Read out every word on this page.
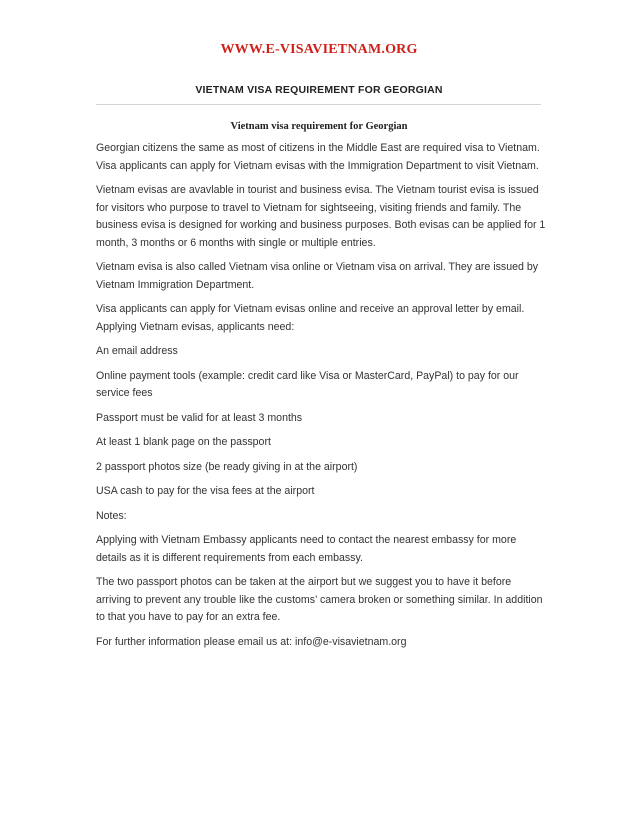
WWW.E-VISAVIETNAM.ORG
VIETNAM VISA REQUIREMENT FOR GEORGIAN
Vietnam visa requirement for Georgian

Georgian citizens the same as most of citizens in the Middle East are required visa to Vietnam. Visa applicants can apply for Vietnam evisas with the Immigration Department to visit Vietnam.

Vietnam evisas are avavlable in tourist and business evisa. The Vietnam tourist evisa is issued for visitors who purpose to travel to Vietnam for sightseeing, visiting friends and family. The business evisa is designed for working and business purposes. Both evisas can be applied for 1 month, 3 months or 6 months with single or multiple entries.

Vietnam evisa is also called Vietnam visa online or Vietnam visa on arrival. They are issued by Vietnam Immigration Department.

Visa applicants can apply for Vietnam evisas online and receive an approval letter by email. Applying Vietnam evisas, applicants need:

An email address

Online payment tools (example: credit card like Visa or MasterCard, PayPal) to pay for our service fees

Passport must be valid for at least 3 months

At least 1 blank page on the passport

2 passport photos size (be ready giving in at the airport)

USA cash to pay for the visa fees at the airport

Notes:

Applying with Vietnam Embassy applicants need to contact the nearest embassy for more details as it is different requirements from each embassy.

The two passport photos can be taken at the airport but we suggest you to have it before arriving to prevent any trouble like the customs’ camera broken or something similar. In addition to that you have to pay for an extra fee.

For further information please email us at: info@e-visavietnam.org
